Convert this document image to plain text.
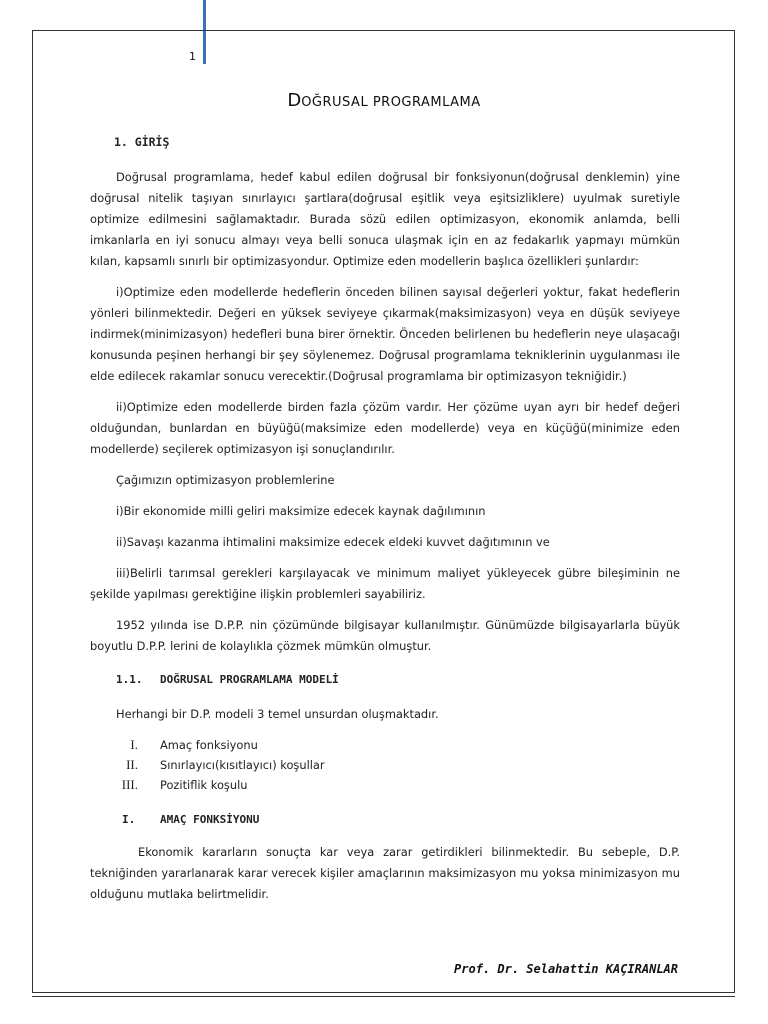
1
DOĞRUSAL PROGRAMLAMA
1. GİRİŞ

Doğrusal programlama, hedef kabul edilen doğrusal bir fonksiyonun(doğrusal denklemin) yine doğrusal nitelik taşıyan sınırlayıcı şartlara(doğrusal eşitlik veya eşitsizliklere) uyulmak suretiyle optimize edilmesini sağlamaktadır. Burada sözü edilen optimizasyon, ekonomik anlamda, belli imkanlarla en iyi sonucu almayı veya belli sonuca ulaşmak için en az fedakarlık yapmayı mümkün kılan, kapsamlı sınırlı bir optimizasyondur. Optimize eden modellerin başlıca özellikleri şunlardır:

i)Optimize eden modellerde hedeflerin önceden bilinen sayısal değerleri yoktur, fakat hedeflerin yönleri bilinmektedir. Değeri en yüksek seviyeye çıkarmak(maksimizasyon) veya en düşük seviyeye indirmek(minimizasyon) hedefleri buna birer örnektir. Önceden belirlenen bu hedeflerin neye ulaşacağı konusunda peşinen herhangi bir şey söylenemez. Doğrusal programlama tekniklerinin uygulanması ile elde edilecek rakamlar sonucu verecektir.(Doğrusal programlama bir optimizasyon tekniğidir.)

ii)Optimize eden modellerde birden fazla çözüm vardır. Her çözüme uyan ayrı bir hedef değeri olduğundan, bunlardan en büyüğü(maksimize eden modellerde) veya en küçüğü(minimize eden modellerde) seçilerek optimizasyon işi sonuçlandırılır.

Çağımızın optimizasyon problemlerine

i)Bir ekonomide milli geliri maksimize edecek kaynak dağılımının

ii)Savaşı kazanma ihtimalini maksimize edecek eldeki kuvvet dağıtımının ve

iii)Belirli tarımsal gerekleri karşılayacak ve minimum maliyet yükleyecek gübre bileşiminin ne şekilde yapılması gerektiğine ilişkin problemleri sayabiliriz.

1952 yılında ise D.P.P. nin çözümünde bilgisayar kullanılmıştır. Günümüzde bilgisayarlarla büyük boyutlu D.P.P. lerini de kolaylıkla çözmek mümkün olmuştur.

1.1.	DOĞRUSAL PROGRAMLAMA MODELİ

Herhangi bir D.P. modeli 3 temel unsurdan oluşmaktadır.

I.	Amaç fonksiyonu
II.	Sınırlayıcı(kısıtlayıcı) koşullar
III.	Pozitiflik koşulu
I.	AMAÇ FONKSİYONU

Ekonomik kararların sonuçta kar veya zarar getirdikleri bilinmektedir. Bu sebeple, D.P. tekniğinden yararlanarak karar verecek kişiler amaçlarının maksimizasyon mu yoksa minimizasyon mu olduğunu mutlaka belirtmelidir.

Prof. Dr. Selahattin KAÇIRANLAR
